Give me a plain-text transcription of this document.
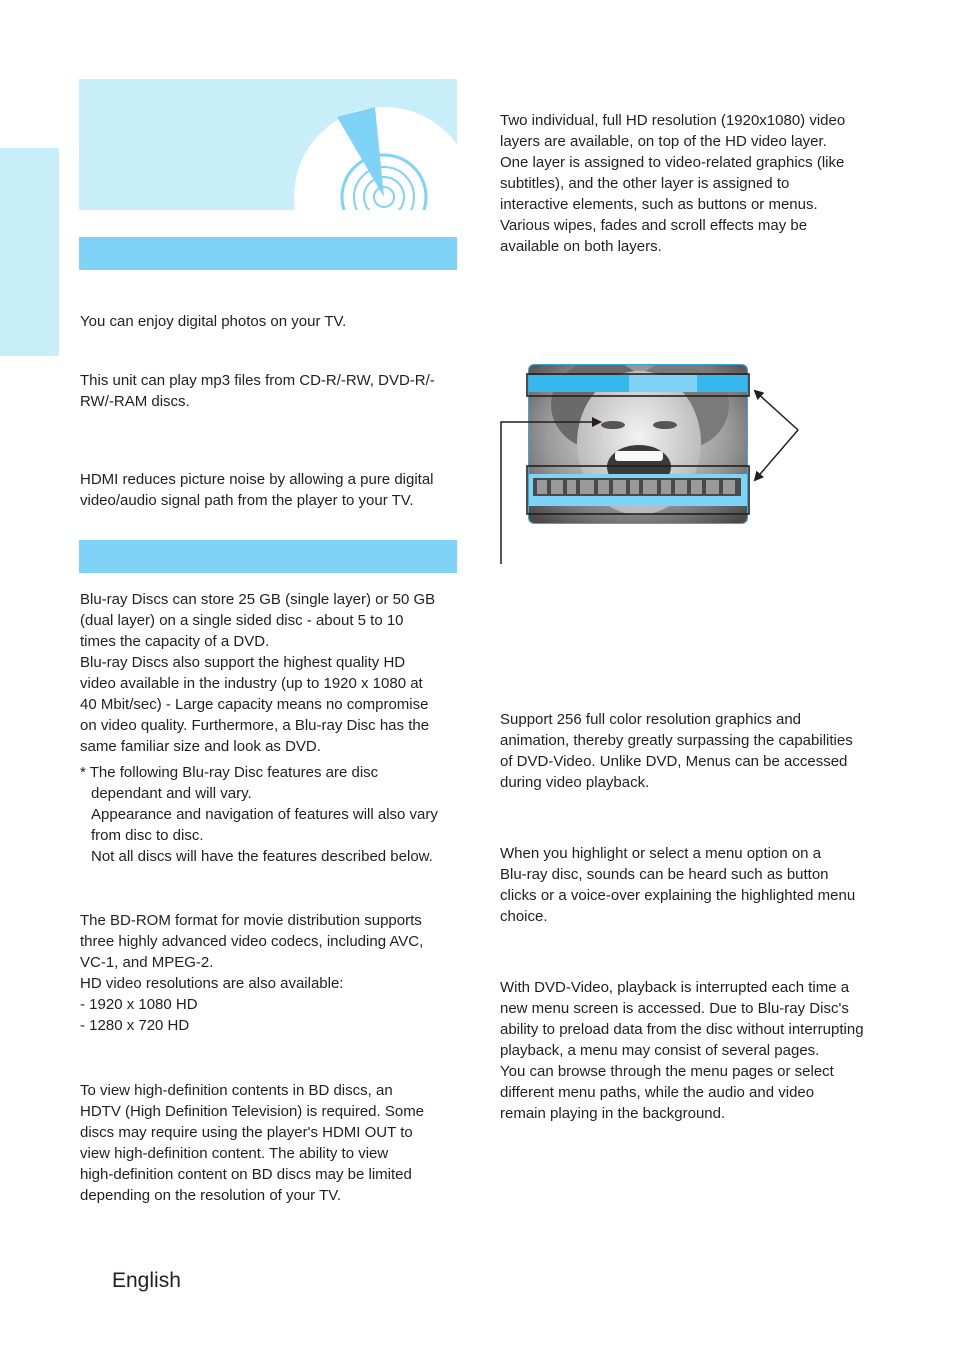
You can enjoy digital photos on your TV.

This unit can play mp3 files from CD-R/-RW, DVD-R/-
RW/-RAM discs.

HDMI reduces picture noise by allowing a pure digital
video/audio signal path from the player to your TV.

Blu-ray Discs can store 25 GB (single layer) or 50 GB
(dual layer) on a single sided disc - about 5 to 10
times the capacity of a DVD.
Blu-ray Discs also support the highest quality HD
video available in the industry (up to 1920 x 1080 at
40 Mbit/sec) - Large capacity means no compromise
on video quality. Furthermore, a Blu-ray Disc has the
same familiar size and look as DVD.

* The following Blu-ray Disc features are disc
dependant and will vary.
Appearance and navigation of features will also vary
from disc to disc.
Not all discs will have the features described below.

The BD-ROM format for movie distribution supports
three highly advanced video codecs, including AVC,
VC-1, and MPEG-2.
HD video resolutions are also available:
- 1920 x 1080 HD
- 1280 x 720 HD

To view high-definition contents in BD discs, an
HDTV (High Definition Television) is required. Some
discs may require using the player's HDMI OUT to
view high-definition content. The ability to view
high-definition content on BD discs may be limited
depending on the resolution of your TV.

Two individual, full HD resolution (1920x1080) video
layers are available, on top of the HD video layer.
One layer is assigned to video-related graphics (like
subtitles), and the other layer is assigned to
interactive elements, such as buttons or menus.
Various wipes, fades and scroll effects may be
available on both layers.

Support 256 full color resolution graphics and
animation, thereby greatly surpassing the capabilities
of DVD-Video. Unlike DVD, Menus can be accessed
during video playback.

When you highlight or select a menu option on a
Blu-ray disc, sounds can be heard such as button
clicks or a voice-over explaining the highlighted menu
choice.

With DVD-Video, playback is interrupted each time a
new menu screen is accessed. Due to Blu-ray Disc's
ability to preload data from the disc without interrupting
playback, a menu may consist of several pages.
You can browse through the menu pages or select
different menu paths, while the audio and video
remain playing in the background.

English
